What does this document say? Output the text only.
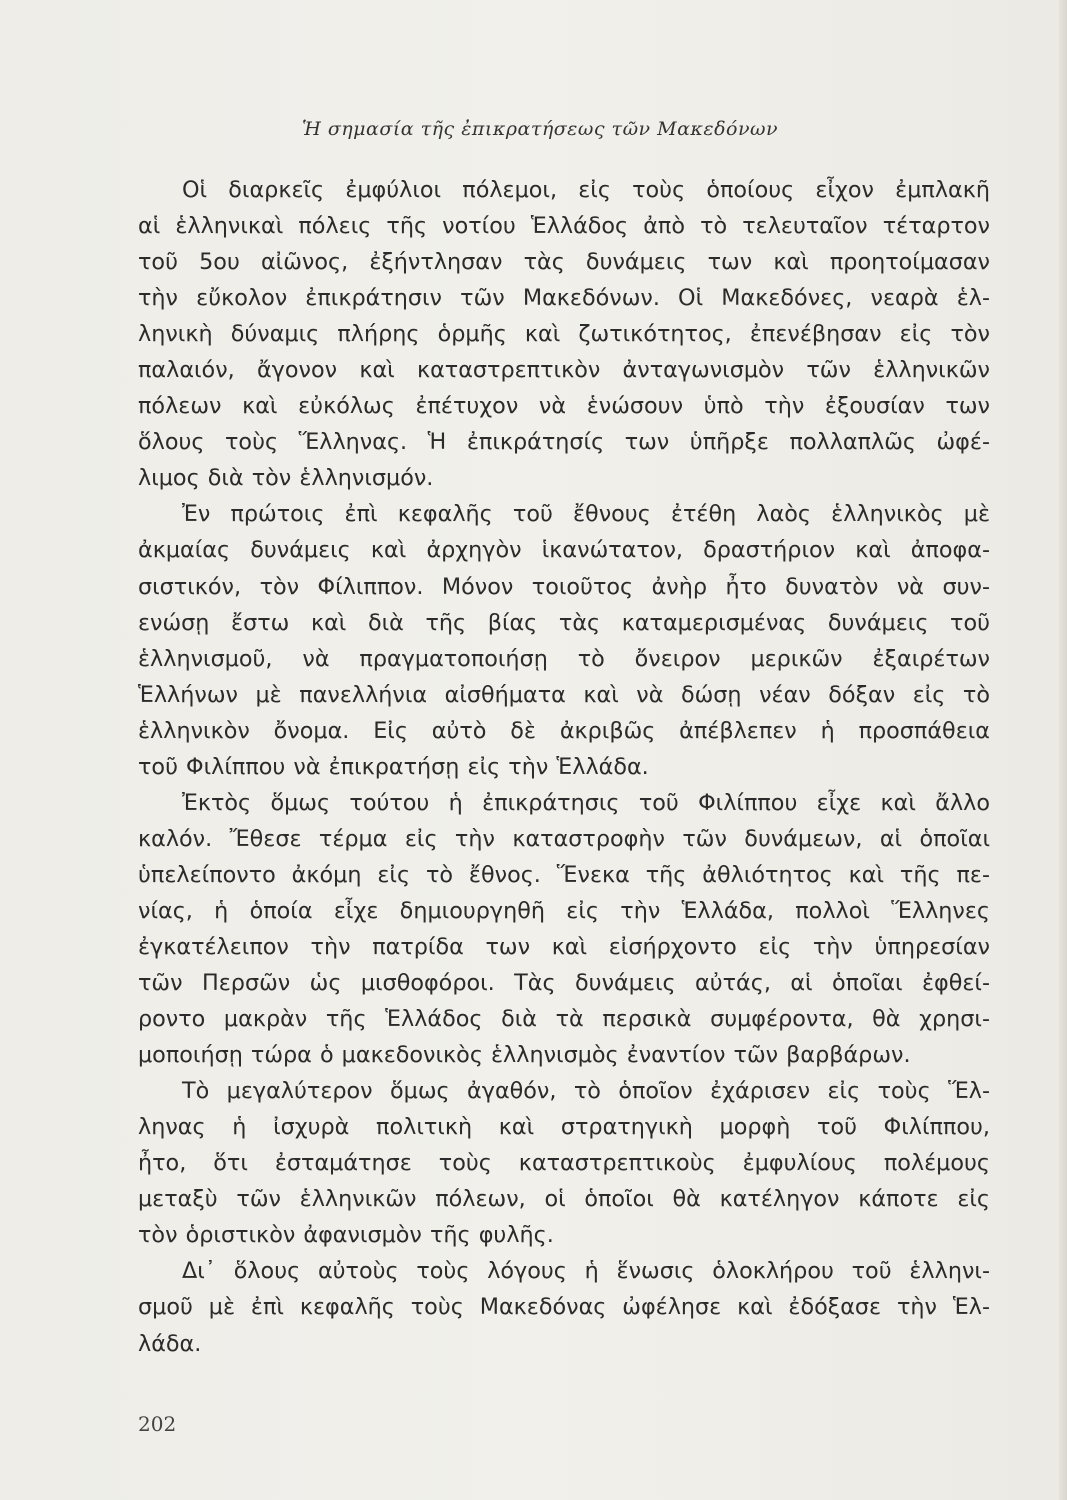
Ἡ σημασία τῆς ἐπικρατήσεως τῶν Μακεδόνων

Οἱ διαρκεῖς ἐμφύλιοι πόλεμοι, εἰς τοὺς ὁποίους εἶχον ἐμπλακῆ
αἱ ἑλληνικαὶ πόλεις τῆς νοτίου Ἑλλάδος ἀπὸ τὸ τελευταῖον τέταρτον
τοῦ 5ου αἰῶνος, ἐξήντλησαν τὰς δυνάμεις των καὶ προητοίμασαν
τὴν εὔκολον ἐπικράτησιν τῶν Μακεδόνων. Οἱ Μακεδόνες, νεαρὰ ἑλ-
ληνικὴ δύναμις πλήρης ὁρμῆς καὶ ζωτικότητος, ἐπενέβησαν εἰς τὸν
παλαιόν, ἄγονον καὶ καταστρεπτικὸν ἀνταγωνισμὸν τῶν ἑλληνικῶν
πόλεων καὶ εὐκόλως ἐπέτυχον νὰ ἑνώσουν ὑπὸ τὴν ἐξουσίαν των
ὅλους τοὺς Ἕλληνας. Ἡ ἐπικράτησίς των ὑπῆρξε πολλαπλῶς ὠφέ-
λιμος διὰ τὸν ἑλληνισμόν.

Ἐν πρώτοις ἐπὶ κεφαλῆς τοῦ ἔθνους ἐτέθη λαὸς ἑλληνικὸς μὲ
ἀκμαίας δυνάμεις καὶ ἀρχηγὸν ἱκανώτατον, δραστήριον καὶ ἀποφα-
σιστικόν, τὸν Φίλιππον. Μόνον τοιοῦτος ἀνὴρ ἦτο δυνατὸν νὰ συν-
ενώσῃ ἔστω καὶ διὰ τῆς βίας τὰς καταμερισμένας δυνάμεις τοῦ
ἑλληνισμοῦ, νὰ πραγματοποιήσῃ τὸ ὄνειρον μερικῶν ἐξαιρέτων
Ἑλλήνων μὲ πανελλήνια αἰσθήματα καὶ νὰ δώσῃ νέαν δόξαν εἰς τὸ
ἑλληνικὸν ὄνομα. Εἰς αὐτὸ δὲ ἀκριβῶς ἀπέβλεπεν ἡ προσπάθεια
τοῦ Φιλίππου νὰ ἐπικρατήσῃ εἰς τὴν Ἑλλάδα.

Ἐκτὸς ὅμως τούτου ἡ ἐπικράτησις τοῦ Φιλίππου εἶχε καὶ ἄλλο
καλόν. Ἔθεσε τέρμα εἰς τὴν καταστροφὴν τῶν δυνάμεων, αἱ ὁποῖαι
ὑπελείποντο ἀκόμη εἰς τὸ ἔθνος. Ἕνεκα τῆς ἀθλιότητος καὶ τῆς πε-
νίας, ἡ ὁποία εἶχε δημιουργηθῆ εἰς τὴν Ἑλλάδα, πολλοὶ Ἕλληνες
ἐγκατέλειπον τὴν πατρίδα των καὶ εἰσήρχοντο εἰς τὴν ὑπηρεσίαν
τῶν Περσῶν ὡς μισθοφόροι. Τὰς δυνάμεις αὐτάς, αἱ ὁποῖαι ἐφθεί-
ροντο μακρὰν τῆς Ἑλλάδος διὰ τὰ περσικὰ συμφέροντα, θὰ χρησι-
μοποιήσῃ τώρα ὁ μακεδονικὸς ἑλληνισμὸς ἐναντίον τῶν βαρβάρων.

Τὸ μεγαλύτερον ὅμως ἀγαθόν, τὸ ὁποῖον ἐχάρισεν εἰς τοὺς Ἕλ-
ληνας ἡ ἰσχυρὰ πολιτικὴ καὶ στρατηγικὴ μορφὴ τοῦ Φιλίππου,
ἦτο, ὅτι ἐσταμάτησε τοὺς καταστρεπτικοὺς ἐμφυλίους πολέμους
μεταξὺ τῶν ἑλληνικῶν πόλεων, οἱ ὁποῖοι θὰ κατέληγον κάποτε εἰς
τὸν ὁριστικὸν ἀφανισμὸν τῆς φυλῆς.

Δι᾽ ὅλους αὐτοὺς τοὺς λόγους ἡ ἕνωσις ὁλοκλήρου τοῦ ἑλληνι-
σμοῦ μὲ ἐπὶ κεφαλῆς τοὺς Μακεδόνας ὠφέλησε καὶ ἐδόξασε τὴν Ἑλ-
λάδα.

202
